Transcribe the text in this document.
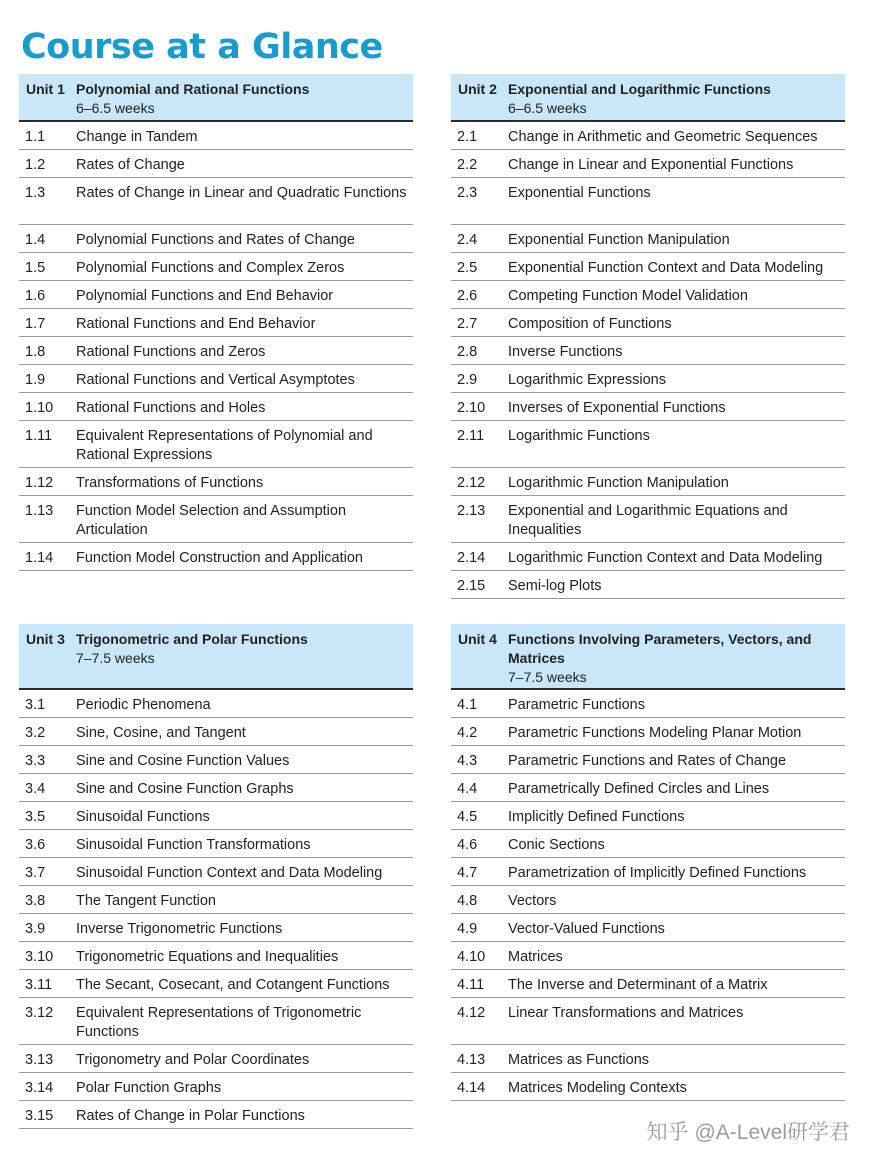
Course at a Glance
Unit 1 Polynomial and Rational Functions
6–6.5 weeks
1.1	Change in Tandem
1.2	Rates of Change
1.3	Rates of Change in Linear and Quadratic Functions
1.4	Polynomial Functions and Rates of Change
1.5	Polynomial Functions and Complex Zeros
1.6	Polynomial Functions and End Behavior
1.7	Rational Functions and End Behavior
1.8	Rational Functions and Zeros
1.9	Rational Functions and Vertical Asymptotes
1.10	Rational Functions and Holes
1.11	Equivalent Representations of Polynomial and Rational Expressions
1.12	Transformations of Functions
1.13	Function Model Selection and Assumption Articulation
1.14	Function Model Construction and Application
Unit 2 Exponential and Logarithmic Functions
6–6.5 weeks
2.1	Change in Arithmetic and Geometric Sequences
2.2	Change in Linear and Exponential Functions
2.3	Exponential Functions
2.4	Exponential Function Manipulation
2.5	Exponential Function Context and Data Modeling
2.6	Competing Function Model Validation
2.7	Composition of Functions
2.8	Inverse Functions
2.9	Logarithmic Expressions
2.10	Inverses of Exponential Functions
2.11	Logarithmic Functions
2.12	Logarithmic Function Manipulation
2.13	Exponential and Logarithmic Equations and Inequalities
2.14	Logarithmic Function Context and Data Modeling
2.15	Semi-log Plots
Unit 3 Trigonometric and Polar Functions
7–7.5 weeks
3.1	Periodic Phenomena
3.2	Sine, Cosine, and Tangent
3.3	Sine and Cosine Function Values
3.4	Sine and Cosine Function Graphs
3.5	Sinusoidal Functions
3.6	Sinusoidal Function Transformations
3.7	Sinusoidal Function Context and Data Modeling
3.8	The Tangent Function
3.9	Inverse Trigonometric Functions
3.10	Trigonometric Equations and Inequalities
3.11	The Secant, Cosecant, and Cotangent Functions
3.12	Equivalent Representations of Trigonometric Functions
3.13	Trigonometry and Polar Coordinates
3.14	Polar Function Graphs
3.15	Rates of Change in Polar Functions
Unit 4 Functions Involving Parameters, Vectors, and Matrices
7–7.5 weeks
4.1	Parametric Functions
4.2	Parametric Functions Modeling Planar Motion
4.3	Parametric Functions and Rates of Change
4.4	Parametrically Defined Circles and Lines
4.5	Implicitly Defined Functions
4.6	Conic Sections
4.7	Parametrization of Implicitly Defined Functions
4.8	Vectors
4.9	Vector-Valued Functions
4.10	Matrices
4.11	The Inverse and Determinant of a Matrix
4.12	Linear Transformations and Matrices
4.13	Matrices as Functions
4.14	Matrices Modeling Contexts
知乎 @A-Level研学君
